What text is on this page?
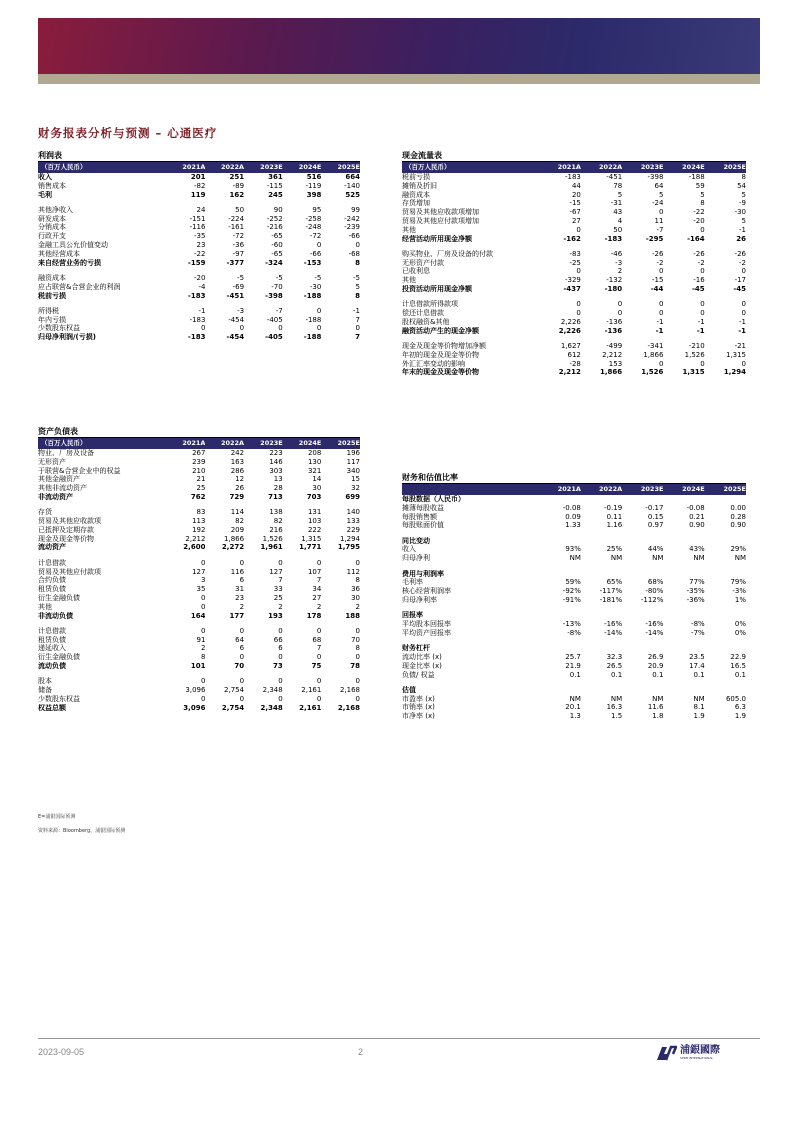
财务报表分析与预测 – 心通医疗
利润表
（百万人民币）	2021A	2022A	2023E	2024E	2025E
收入	201	251	361	516	664
销售成本	-82	-89	-115	-119	-140
毛利	119	162	245	398	525

其他净收入	24	50	90	95	99
研发成本	-151	-224	-252	-258	-242
分销成本	-116	-161	-216	-248	-239
行政开支	-35	-72	-65	-72	-66
金融工具公允价值变动	23	-36	-60	0	0
其他经营成本	-22	-97	-65	-66	-68
来自经营业务的亏损	-159	-377	-324	-153	8

融资成本	-20	-5	-5	-5	-5
应占联营&合营企业的利润	-4	-69	-70	-30	5
税前亏损	-183	-451	-398	-188	8

所得税	-1	-3	-7	0	-1
年内亏损	-183	-454	-405	-188	7
少数股东权益	0	0	0	0	0
归母净利润/(亏损)	-183	-454	-405	-188	7
资产负债表
（百万人民币）	2021A	2022A	2023E	2024E	2025E
物业、厂房及设备	267	242	223	208	196
无形资产	239	163	146	130	117
于联营&合营企业中的权益	210	286	303	321	340
其他金融资产	21	12	13	14	15
其他非流动资产	25	26	28	30	32
非流动资产	762	729	713	703	699

存货	83	114	138	131	140
贸易及其他应收款项	113	82	82	103	133
已抵押及定期存款	192	209	216	222	229
现金及现金等价物	2,212	1,866	1,526	1,315	1,294
流动资产	2,600	2,272	1,961	1,771	1,795

计息借款	0	0	0	0	0
贸易及其他应付款项	127	116	127	107	112
合约负债	3	6	7	7	8
租赁负债	35	31	33	34	36
衍生金融负债	0	23	25	27	30
其他	0	2	2	2	2
非流动负债	164	177	193	178	188

计息借款	0	0	0	0	0
租赁负债	91	64	66	68	70
递延收入	2	6	6	7	8
衍生金融负债	8	0	0	0	0
流动负债	101	70	73	75	78

股本	0	0	0	0	0
储备	3,096	2,754	2,348	2,161	2,168
少数股东权益	0	0	0	0	0
权益总额	3,096	2,754	2,348	2,161	2,168
现金流量表
（百万人民币）	2021A	2022A	2023E	2024E	2025E
税前亏损	-183	-451	-398	-188	8
摊销及折旧	44	78	64	59	54
融资成本	20	5	5	5	5
存货增加	-15	-31	-24	8	-9
贸易及其他应收款项增加	-67	43	0	-22	-30
贸易及其他应付款项增加	27	4	11	-20	5
其他	0	50	-7	0	-1
经营活动所用现金净额	-162	-183	-295	-164	26

购买物业、厂房及设备的付款	-83	-46	-26	-26	-26
无形资产付款	-25	-3	-2	-2	-2
已收利息	0	2	0	0	0
其他	-329	-132	-15	-16	-17
投资活动所用现金净额	-437	-180	-44	-45	-45

计息借款所得款项	0	0	0	0	0
偿还计息借款	0	0	0	0	0
股权融资&其他	2,226	-136	-1	-1	-1
融资活动产生的现金净额	2,226	-136	-1	-1	-1

现金及现金等价物增加净额	1,627	-499	-341	-210	-21
年初的现金及现金等价物	612	2,212	1,866	1,526	1,315
外汇汇率变动的影响	-28	153	0	0	0
年末的现金及现金等价物	2,212	1,866	1,526	1,315	1,294
财务和估值比率
	2021A	2022A	2023E	2024E	2025E
每股数据（人民币）					
摊薄每股收益	-0.08	-0.19	-0.17	-0.08	0.00
每股销售额	0.09	0.11	0.15	0.21	0.28
每股账面价值	1.33	1.16	0.97	0.90	0.90

同比变动					
收入	93%	25%	44%	43%	29%
归母净利	NM	NM	NM	NM	NM

费用与利润率					
毛利率	59%	65%	68%	77%	79%
核心经营利润率	-92%	-117%	-80%	-35%	-3%
归母净利率	-91%	-181%	-112%	-36%	1%

回报率					
平均股本回报率	-13%	-16%	-16%	-8%	0%
平均资产回报率	-8%	-14%	-14%	-7%	0%

财务杠杆					
流动比率 (x)	25.7	32.3	26.9	23.5	22.9
现金比率 (x)	21.9	26.5	20.9	17.4	16.5
负债/ 权益	0.1	0.1	0.1	0.1	0.1

估值					
市盈率 (x)	NM	NM	NM	NM	605.0
市销率 (x)	20.1	16.3	11.6	8.1	6.3
市净率 (x)	1.3	1.5	1.8	1.9	1.9
E=浦银国际预测
资料来源：Bloomberg、浦银国际预测
2023-09-05	2	浦銀國際
SPDB INTERNATIONAL
